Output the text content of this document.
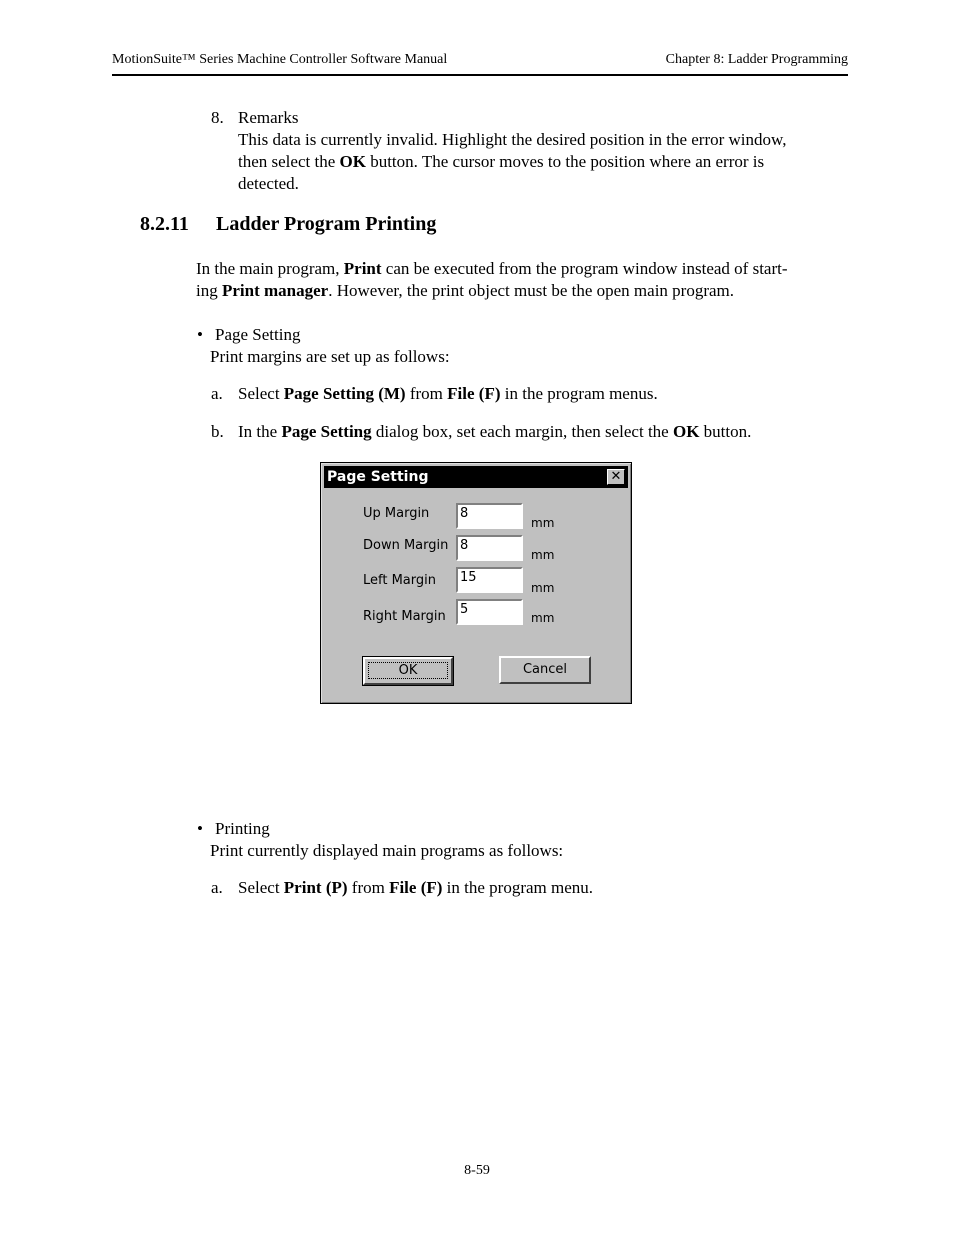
MotionSuite™ Series Machine Controller Software Manual	Chapter 8: Ladder Programming
8. Remarks
This data is currently invalid. Highlight the desired position in the error window,
then select the OK button. The cursor moves to the position where an error is
detected.
8.2.11 Ladder Program Printing
In the main program, Print can be executed from the program window instead of start-
ing Print manager. However, the print object must be the open main program.
• Page Setting
Print margins are set up as follows:
a. Select Page Setting (M) from File (F) in the program menus.
b. In the Page Setting dialog box, set each margin, then select the OK button.
Page Setting	✕
Up Margin	8
mm
Down Margin 8
mm
Left Margin	15
mm
Right Margin	5
mm
OK	Cancel
• Printing
Print currently displayed main programs as follows:
a. Select Print (P) from File (F) in the program menu.
8-59
